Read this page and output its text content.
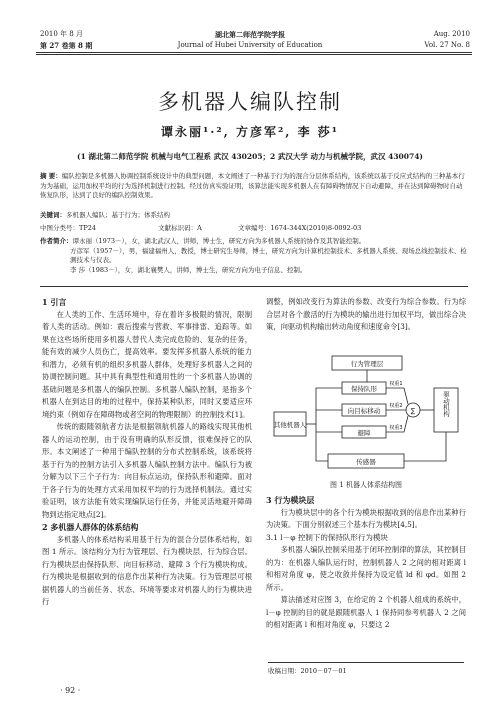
2010 年 8 月
第 27 卷第 8 期
湖北第二师范学院学报
Journal of Hubei University of Education
Aug. 2010
Vol. 27 No. 8
多机器人编队控制
谭永丽¹·², 方彦军², 李 莎¹
(1 湖北第二师范学院 机械与电气工程系 武汉 430205；2 武汉大学 动力与机械学院，武汉 430074)
摘 要：编队控制是多机器人协调控制系统设计中的典型问题，本文阐述了一种基于行为的混合分层体系结构，该系统以基于反应式结构的三种基本行为为基础，运用加权平均的行为选择机制进行控制。经过仿真实验证明，该算法能实现多机器人在有障碍物情况下自动避障，并在达到障碍物时自动恢复队形，达到了良好的编队控制效果。
关键词：多机器人编队；基于行为；体系结构
中图分类号：TP24	文献标识码：A	文章编号：1674-344X(2010)8-0092-03
作者简介：谭永丽（1973－），女，湖北武汉人，讲师，博士生，研究方向为多机器人系统的协作及其智能控制。
方彦军（1957－），男，福建福州人，教授，博士研究生导师，博士，研究方向为计算机控制技术、多机器人系统、现场总线控制技术、检测技术与仪表。
李 莎（1983－），女，湖北襄樊人，讲师，博士生，研究方向为电子信息、控制。

1 引言

在人类的工作、生活环境中，存在着许多极限的情况，限制着人类的活动。例如：震后搜索与营救、军事排雷、追踪等。如果在这些场所使用多机器人替代人类完成危险的、复杂的任务，能有效的减少人员伤亡，提高效率。要发挥多机器人系统的能力和潜力，必须有机的组织多机器人群体，处理好多机器人之间的协调控制问题。其中具有典型性和通用性的一个多机器人协调的基础问题是多机器人的编队控制。多机器人编队控制，是指多个机器人在到达目的地的过程中，保持某种队形，同时又要适应环境约束（例如存在障碍物或者空间的物理限制）的控制技术[1]。

传统的跟随领航者方法是根据领航机器人的路线实现其他机器人的运动控制，由于没有明确的队形反馈，很难保持它的队形。本文阐述了一种用于编队控制的分布式控制系统，该系统将基于行为的控制方法引入多机器人编队控制方法中。编队行为被分解为以下三个子行为：向目标点运动，保持队形和避障。面对于各子行为的处理方式采用加权平均的行为选择机制法。通过实验证明，该方法能有效实现编队运行任务，并能灵活地避开障碍物到达指定地点[2]。

2 多机器人群体的体系结构

多机器人的体系结构采用基于行为的混合分层体系结构，如图 1 所示。该结构分为行为管理层、行为模块层、行为综合层。行为模块层由保持队形、向目标移动、避障 3 个行为模块构成。行为模块是根据收到的信息作出某种行为决策。行为管理层可根据机器人的当前任务、状态、环境等要求对机器人的行为模块进行

调整，例如改变行为算法的参数、改变行为综合参数。行为综合层对各个激活的行为模块的输出进行加权平均，做出综合决策，向驱动机构输出转动角度和速度命令[3]。

行为管理层
保持队形
向目标移动
避障
其他机器人
∑	驱动机构
传感器
权重1
权重2
权重3
图 1 机器人体系结构图

3 行为模块层

行为模块层中的各个行为模块根据收到的信息作出某种行为决策。下面分别叙述三个基本行为模块[4,5]。

3.1 l－φ 控制下的保持队形行为模块

多机器人编队控制采用基于闭环控制律的算法，其控制目的为：在机器人编队运行时，控制机器人 2 之间的相对距离 l 和相对角度 φ，使之收敛并保持为设定值 ld 和 φd。如图 2 所示。

算法描述对应图 3，在给定的 2 个机器人组成的系统中，l－φ 控制的目的就是跟随机器人 1 保持同参考机器人 2 之间的相对距离 l 和相对角度 φ，只要这 2

收稿日期：2010－07－01
· 92 ·
